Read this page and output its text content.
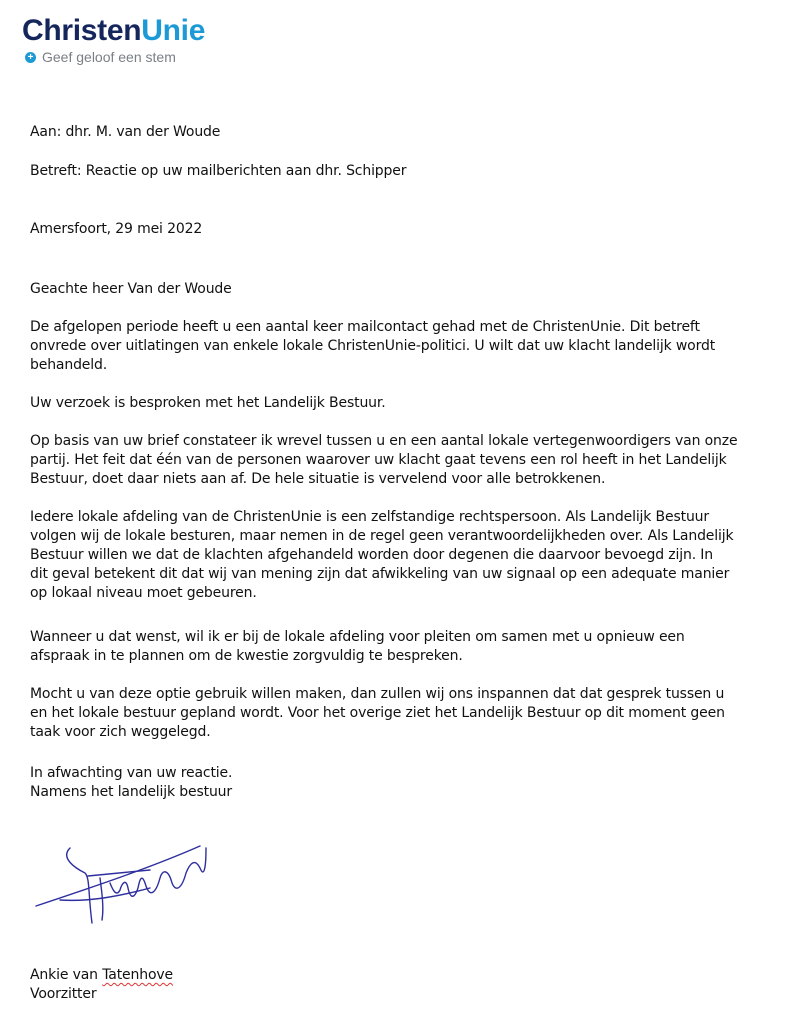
ChristenUnie
+ Geef geloof een stem
Aan: dhr. M. van der Woude
Betreft: Reactie op uw mailberichten aan dhr. Schipper
Amersfoort, 29 mei 2022
Geachte heer Van der Woude
De afgelopen periode heeft u een aantal keer mailcontact gehad met de ChristenUnie. Dit betreft
onvrede over uitlatingen van enkele lokale ChristenUnie-politici. U wilt dat uw klacht landelijk wordt
behandeld.
Uw verzoek is besproken met het Landelijk Bestuur.
Op basis van uw brief constateer ik wrevel tussen u en een aantal lokale vertegenwoordigers van onze
partij. Het feit dat één van de personen waarover uw klacht gaat tevens een rol heeft in het Landelijk
Bestuur, doet daar niets aan af. De hele situatie is vervelend voor alle betrokkenen.
Iedere lokale afdeling van de ChristenUnie is een zelfstandige rechtspersoon. Als Landelijk Bestuur
volgen wij de lokale besturen, maar nemen in de regel geen verantwoordelijkheden over. Als Landelijk
Bestuur willen we dat de klachten afgehandeld worden door degenen die daarvoor bevoegd zijn. In
dit geval betekent dit dat wij van mening zijn dat afwikkeling van uw signaal op een adequate manier
op lokaal niveau moet gebeuren.
Wanneer u dat wenst, wil ik er bij de lokale afdeling voor pleiten om samen met u opnieuw een
afspraak in te plannen om de kwestie zorgvuldig te bespreken.
Mocht u van deze optie gebruik willen maken, dan zullen wij ons inspannen dat dat gesprek tussen u
en het lokale bestuur gepland wordt. Voor het overige ziet het Landelijk Bestuur op dit moment geen
taak voor zich weggelegd.
In afwachting van uw reactie.
Namens het landelijk bestuur
Ankie van Tatenhove
Voorzitter
